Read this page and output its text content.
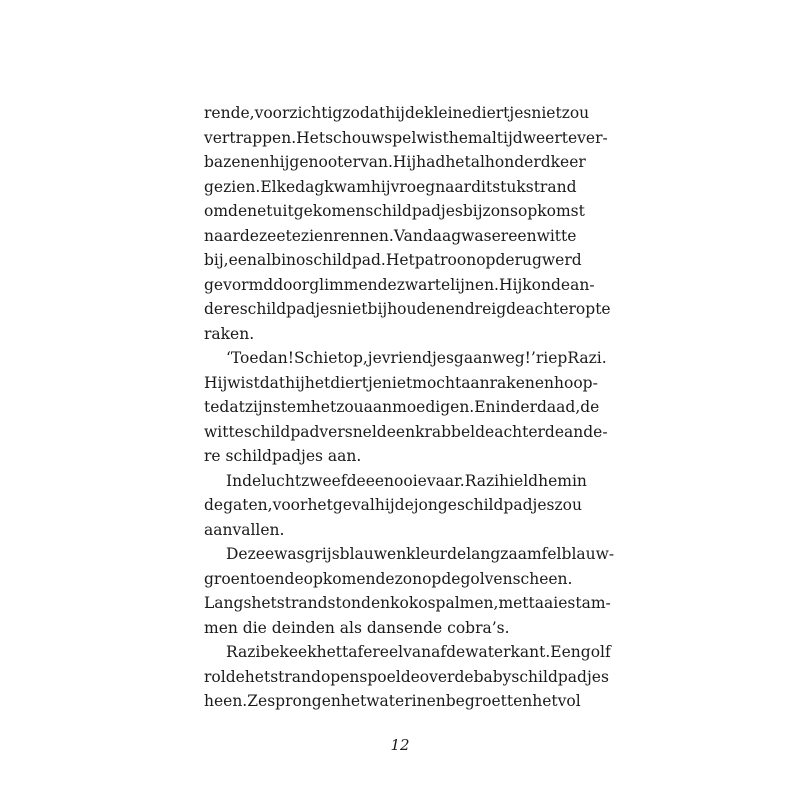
rende, voorzichtig zodat hij de kleine diertjes niet zou
vertrappen. Het schouwspel wist hem altijd weer te ver-
bazen en hij genoot ervan. Hij had het al honderd keer
gezien. Elke dag kwam hij vroeg naar dit stuk strand
om de net uitgekomen schildpadjes bij zonsopkomst
naar de zee te zien rennen. Vandaag was er een witte
bij, een albinoschildpad. Het patroon op de rug werd
gevormd door glimmende zwarte lijnen. Hij kon de an-
dere schildpadjes niet bijhouden en dreigde achterop te
raken.
‘Toe dan! Schiet op, je vriendjes gaan weg!’ riep Razi.
Hij wist dat hij het diertje niet mocht aanraken en hoop-
te dat zijn stem het zou aanmoedigen. En inderdaad, de
witte schildpad versnelde en krabbelde achter de ande-
re schildpadjes aan.
In de lucht zweefde een ooievaar. Razi hield hem in
de gaten, voor het geval hij de jonge schildpadjes zou
aanvallen.
De zee was grijsblauw en kleurde langzaam fel blauw-
groen toen de opkomende zon op de golven scheen.
Langs het strand stonden kokospalmen, met taaie stam-
men die deinden als dansende cobra’s.
Razi bekeek het tafereel vanaf de waterkant. Een golf
rolde het strand op en spoelde over de babyschildpadjes
heen. Ze sprongen het water in en begroetten het vol
12
